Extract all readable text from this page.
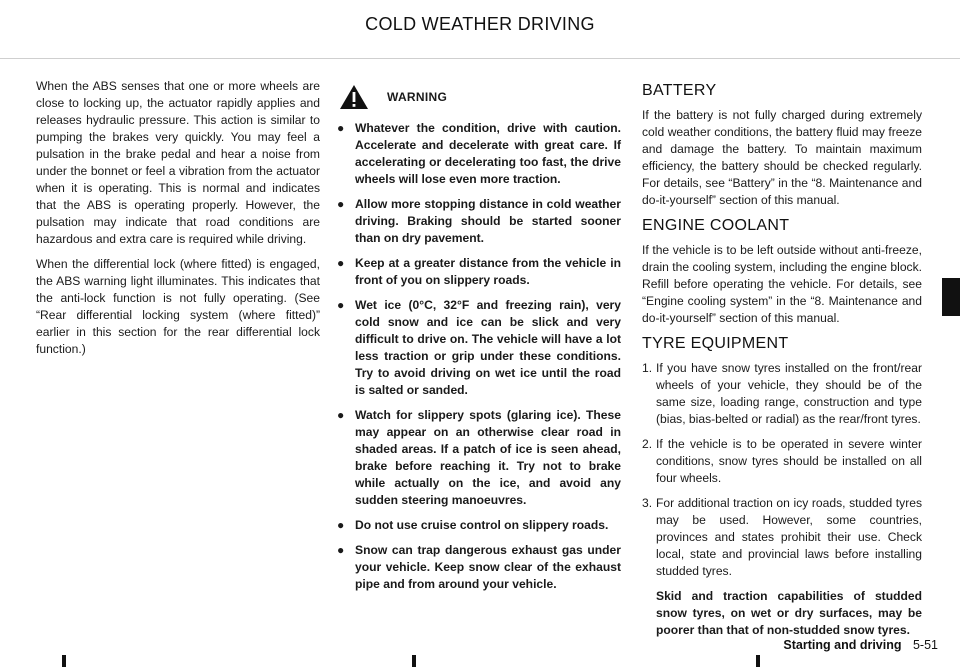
COLD WEATHER DRIVING

When the ABS senses that one or more wheels are close to locking up, the actuator rapidly applies and releases hydraulic pressure. This action is similar to pumping the brakes very quickly. You may feel a pulsation in the brake pedal and hear a noise from under the bonnet or feel a vibration from the actuator when it is operating. This is normal and indicates that the ABS is operating properly. However, the pulsation may indicate that road conditions are hazardous and extra care is required while driving.

When the differential lock (where fitted) is engaged, the ABS warning light illuminates. This indicates that the anti-lock function is not fully operating. (See “Rear differential locking system (where fitted)” earlier in this section for the rear differential lock function.)

WARNING
● Whatever the condition, drive with caution. Accelerate and decelerate with great care. If accelerating or decelerating too fast, the drive wheels will lose even more traction.
● Allow more stopping distance in cold weather driving. Braking should be started sooner than on dry pavement.
● Keep at a greater distance from the vehicle in front of you on slippery roads.
● Wet ice (0°C, 32°F and freezing rain), very cold snow and ice can be slick and very difficult to drive on. The vehicle will have a lot less traction or grip under these conditions. Try to avoid driving on wet ice until the road is salted or sanded.
● Watch for slippery spots (glaring ice). These may appear on an otherwise clear road in shaded areas. If a patch of ice is seen ahead, brake before reaching it. Try not to brake while actually on the ice, and avoid any sudden steering manoeuvres.
● Do not use cruise control on slippery roads.
● Snow can trap dangerous exhaust gas under your vehicle. Keep snow clear of the exhaust pipe and from around your vehicle.
BATTERY

If the battery is not fully charged during extremely cold weather conditions, the battery fluid may freeze and damage the battery. To maintain maximum efficiency, the battery should be checked regularly. For details, see “Battery” in the “8. Maintenance and do-it-yourself” section of this manual.

ENGINE COOLANT

If the vehicle is to be left outside without anti-freeze, drain the cooling system, including the engine block. Refill before operating the vehicle. For details, see “Engine cooling system” in the “8. Maintenance and do-it-yourself” section of this manual.

TYRE EQUIPMENT
1. If you have snow tyres installed on the front/rear wheels of your vehicle, they should be of the same size, loading range, construction and type (bias, bias-belted or radial) as the rear/front tyres.
2. If the vehicle is to be operated in severe winter conditions, snow tyres should be installed on all four wheels.
3. For additional traction on icy roads, studded tyres may be used. However, some countries, provinces and states prohibit their use. Check local, state and provincial laws before installing studded tyres.

Skid and traction capabilities of studded snow tyres, on wet or dry surfaces, may be poorer than that of non-studded snow tyres.

Starting and driving 5-51
